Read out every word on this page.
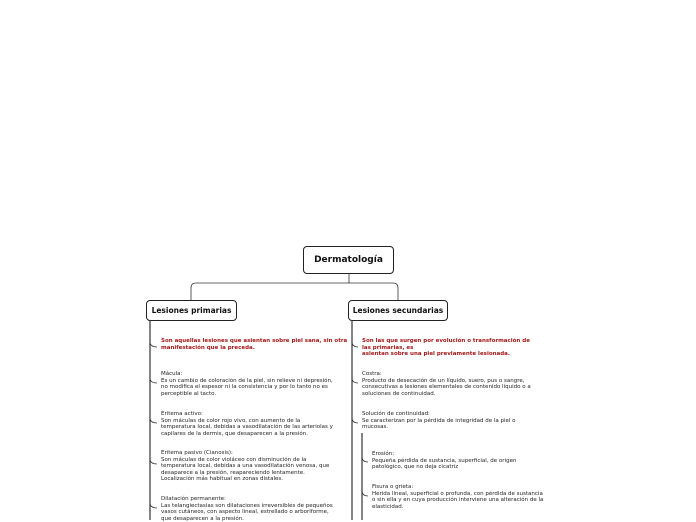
Dermatología
Lesiones primarias	Lesiones secundarias
Son aquellas lesiones que asientan sobre piel sana, sin otra
manifestación que la preceda.
Mácula:
Es un cambio de coloración de la piel, sin relieve ni depresión,
no modifica el espesor ni la consistencia y por lo tanto no es
perceptible al tacto.
Eritema activo:
Son máculas de color rojo vivo, con aumento de la
temperatura local, debidas a vasodilatación de las arteriolas y
capilares de la dermis, que desaparecen a la presión.
Eritema pasivo (Cianosis):
Son máculas de color violáceo con disminución de la
temperatura local, debidas a una vasodilatación venosa, que
desaparece a la presión, reapareciendo lentamente.
Localización más habitual en zonas distales.
Dilatación permanente:
Las telangiectasias son dilataciones irreversibles de pequeños
vasos cutáneos, con aspecto lineal, estrellado o arboriforme,
que desaparecen a la presión.
Son las que surgen por evolución o transformación de
las primarias, es
asientan sobre una piel previamente lesionada.
Costra:
Producto de desecación de un líquido, suero, pus o sangre,
consecutivas a lesiones elementales de contenido líquido o a
soluciones de continuidad.
Solución de continuidad:
Se caracterizan por la pérdida de integridad de la piel o
mucosas.
Erosión:
Pequeña pérdida de sustancia, superficial, de origen
patológico, que no deja cicatriz
Fisura o grieta:
Herida lineal, superficial o profunda, con pérdida de sustancia
o sin ella y en cuya producción interviene una alteración de la
elasticidad.
